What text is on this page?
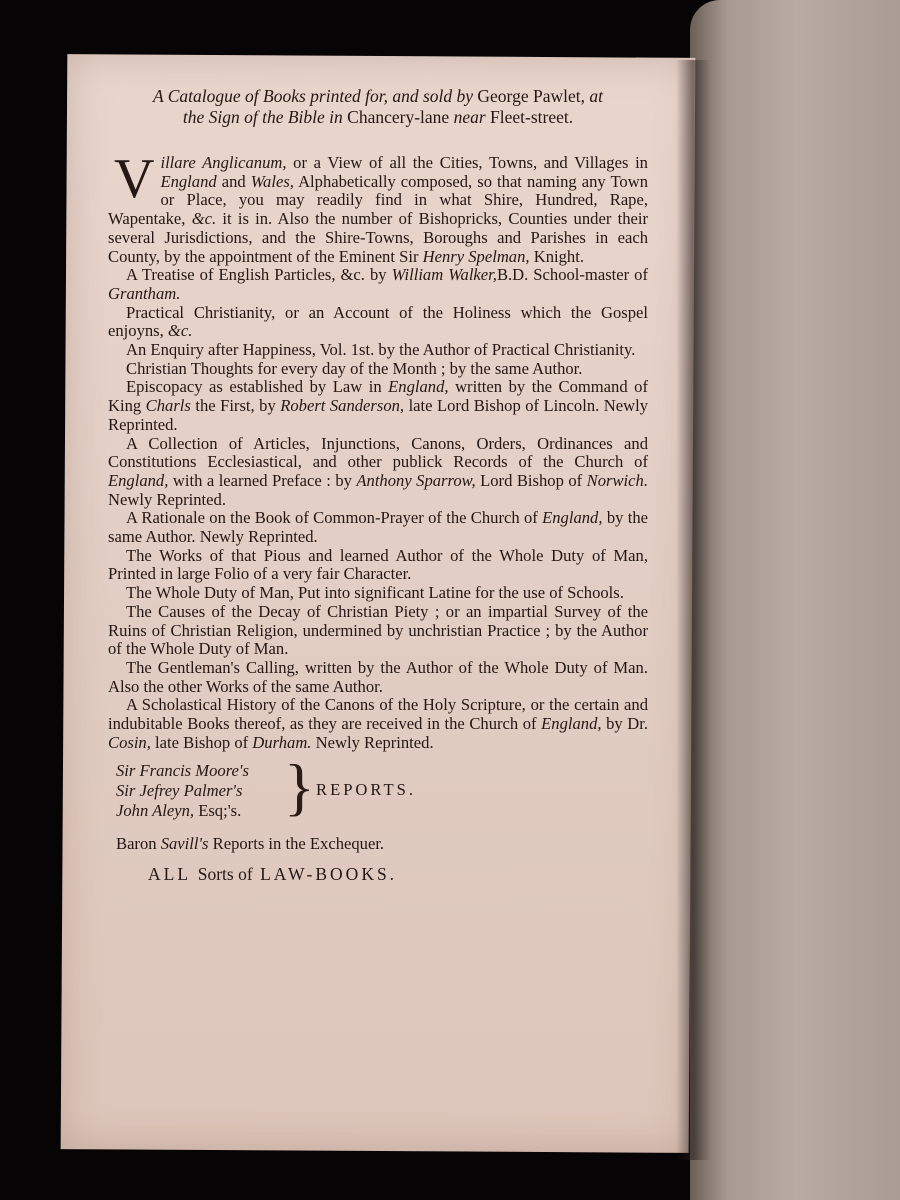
A Catalogue of Books printed for, and sold by George Pawlet, at
the Sign of the Bible in Chancery-lane near Fleet-street.

Villare Anglicanum, or a View of all the Cities, Towns, and Villages in England and Wales, Alphabetically composed, so that naming any Town or Place, you may readily find in what Shire, Hundred, Rape, Wapentake, &c. it is in. Also the number of Bishopricks, Counties under their several Jurisdictions, and the Shire-Towns, Boroughs and Parishes in each County, by the appointment of the Eminent Sir Henry Spelman, Knight.

A Treatise of English Particles, &c. by William Walker,B.D. School-master of Grantham.

Practical Christianity, or an Account of the Holiness which the Gospel enjoyns, &c.

An Enquiry after Happiness, Vol. 1st. by the Author of Practical Christianity.

Christian Thoughts for every day of the Month ; by the same Author.

Episcopacy as established by Law in England, written by the Command of King Charls the First, by Robert Sanderson, late Lord Bishop of Lincoln. Newly Reprinted.

A Collection of Articles, Injunctions, Canons, Orders, Ordinances and Constitutions Ecclesiastical, and other publick Records of the Church of England, with a learned Preface : by Anthony Sparrow, Lord Bishop of Norwich. Newly Reprinted.

A Rationale on the Book of Common-Prayer of the Church of England, by the same Author. Newly Reprinted.

The Works of that Pious and learned Author of the Whole Duty of Man, Printed in large Folio of a very fair Character.

The Whole Duty of Man, Put into significant Latine for the use of Schools.

The Causes of the Decay of Christian Piety ; or an impartial Survey of the Ruins of Christian Religion, undermined by unchristian Practice ; by the Author of the Whole Duty of Man.

The Gentleman's Calling, written by the Author of the Whole Duty of Man. Also the other Works of the same Author.

A Scholastical History of the Canons of the Holy Scripture, or the certain and indubitable Books thereof, as they are received in the Church of England, by Dr. Cosin, late Bishop of Durham. Newly Reprinted.

Sir Francis Moore's
Sir Jefrey Palmer's
John Aleyn, Esq;'s. } REPORTS.
Baron Savill's Reports in the Exchequer.
ALL Sorts of LAW-BOOKS.
